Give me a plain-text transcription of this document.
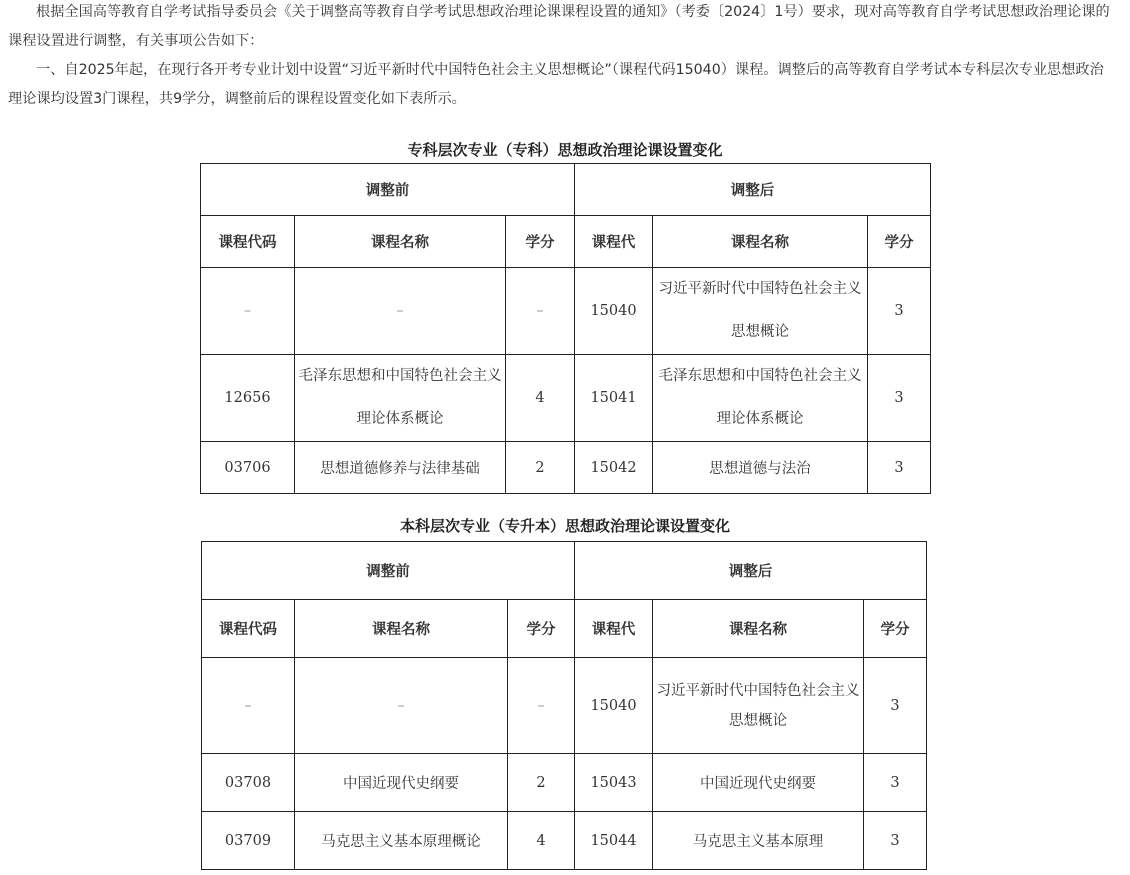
根据全国高等教育自学考试指导委员会《关于调整高等教育自学考试思想政治理论课课程设置的通知》（考委〔2024〕1号）要求，现对高等教育自学考试思想政治理论课的课程设置进行调整，有关事项公告如下：

一、自2025年起，在现行各开考专业计划中设置“习近平新时代中国特色社会主义思想概论”（课程代码15040）课程。调整后的高等教育自学考试本专科层次专业思想政治理论课均设置3门课程，共9学分，调整前后的课程设置变化如下表所示。

专科层次专业（专科）思想政治理论课设置变化
调整前			调整后		
课程代码	课程名称	学分	课程代	课程名称	学分
–	–	–	15040	习近平新时代中国特色社会主义思想概论	3
12656	毛泽东思想和中国特色社会主义理论体系概论	4	15041	毛泽东思想和中国特色社会主义理论体系概论	3
03706	思想道德修养与法律基础	2	15042	思想道德与法治	3
本科层次专业（专升本）思想政治理论课设置变化
调整前			调整后		
课程代码	课程名称	学分	课程代	课程名称	学分
–	–	–	15040	习近平新时代中国特色社会主义思想概论	3
03708	中国近现代史纲要	2	15043	中国近现代史纲要	3
03709	马克思主义基本原理概论	4	15044	马克思主义基本原理	3
